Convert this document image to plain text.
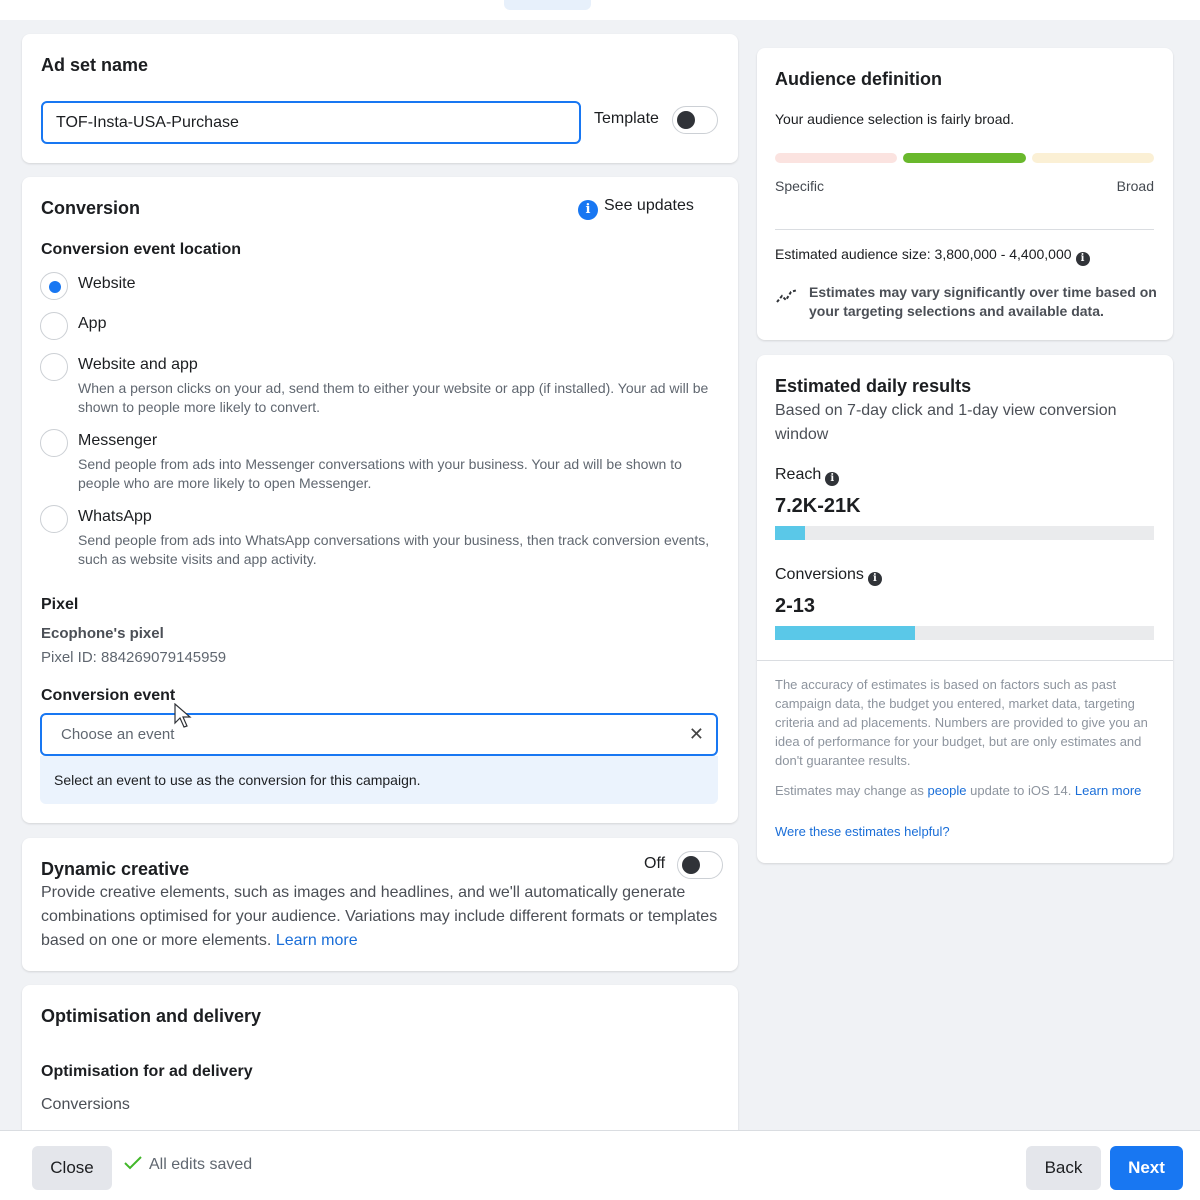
Ad set name
TOF-Insta-USA-Purchase	Template
Conversion	i See updates
Conversion event location
Website
App
Website and app
When a person clicks on your ad, send them to either your website or app (if installed). Your ad will be shown to people more likely to convert.
Messenger
Send people from ads into Messenger conversations with your business. Your ad will be shown to people who are more likely to open Messenger.
WhatsApp
Send people from ads into WhatsApp conversations with your business, then track conversion events, such as website visits and app activity.
Pixel
Ecophone's pixel
Pixel ID: 884269079145959
Conversion event
Choose an event	✕
Select an event to use as the conversion for this campaign.
Dynamic creative	Off
Provide creative elements, such as images and headlines, and we'll automatically generate combinations optimised for your audience. Variations may include different formats or templates based on one or more elements. Learn more
Optimisation and delivery
Optimisation for ad delivery
Conversions
Audience definition
Your audience selection is fairly broad.
Specific	Broad
Estimated audience size: 3,800,000 - 4,400,000 i
Estimates may vary significantly over time based on your targeting selections and available data.
Estimated daily results
Based on 7-day click and 1-day view conversion window
Reach i
7.2K-21K
Conversions i
2-13
The accuracy of estimates is based on factors such as past campaign data, the budget you entered, market data, targeting criteria and ad placements. Numbers are provided to give you an idea of performance for your budget, but are only estimates and don't guarantee results.
Estimates may change as people update to iOS 14. Learn more
Were these estimates helpful?
Close	All edits saved	Back	Next
